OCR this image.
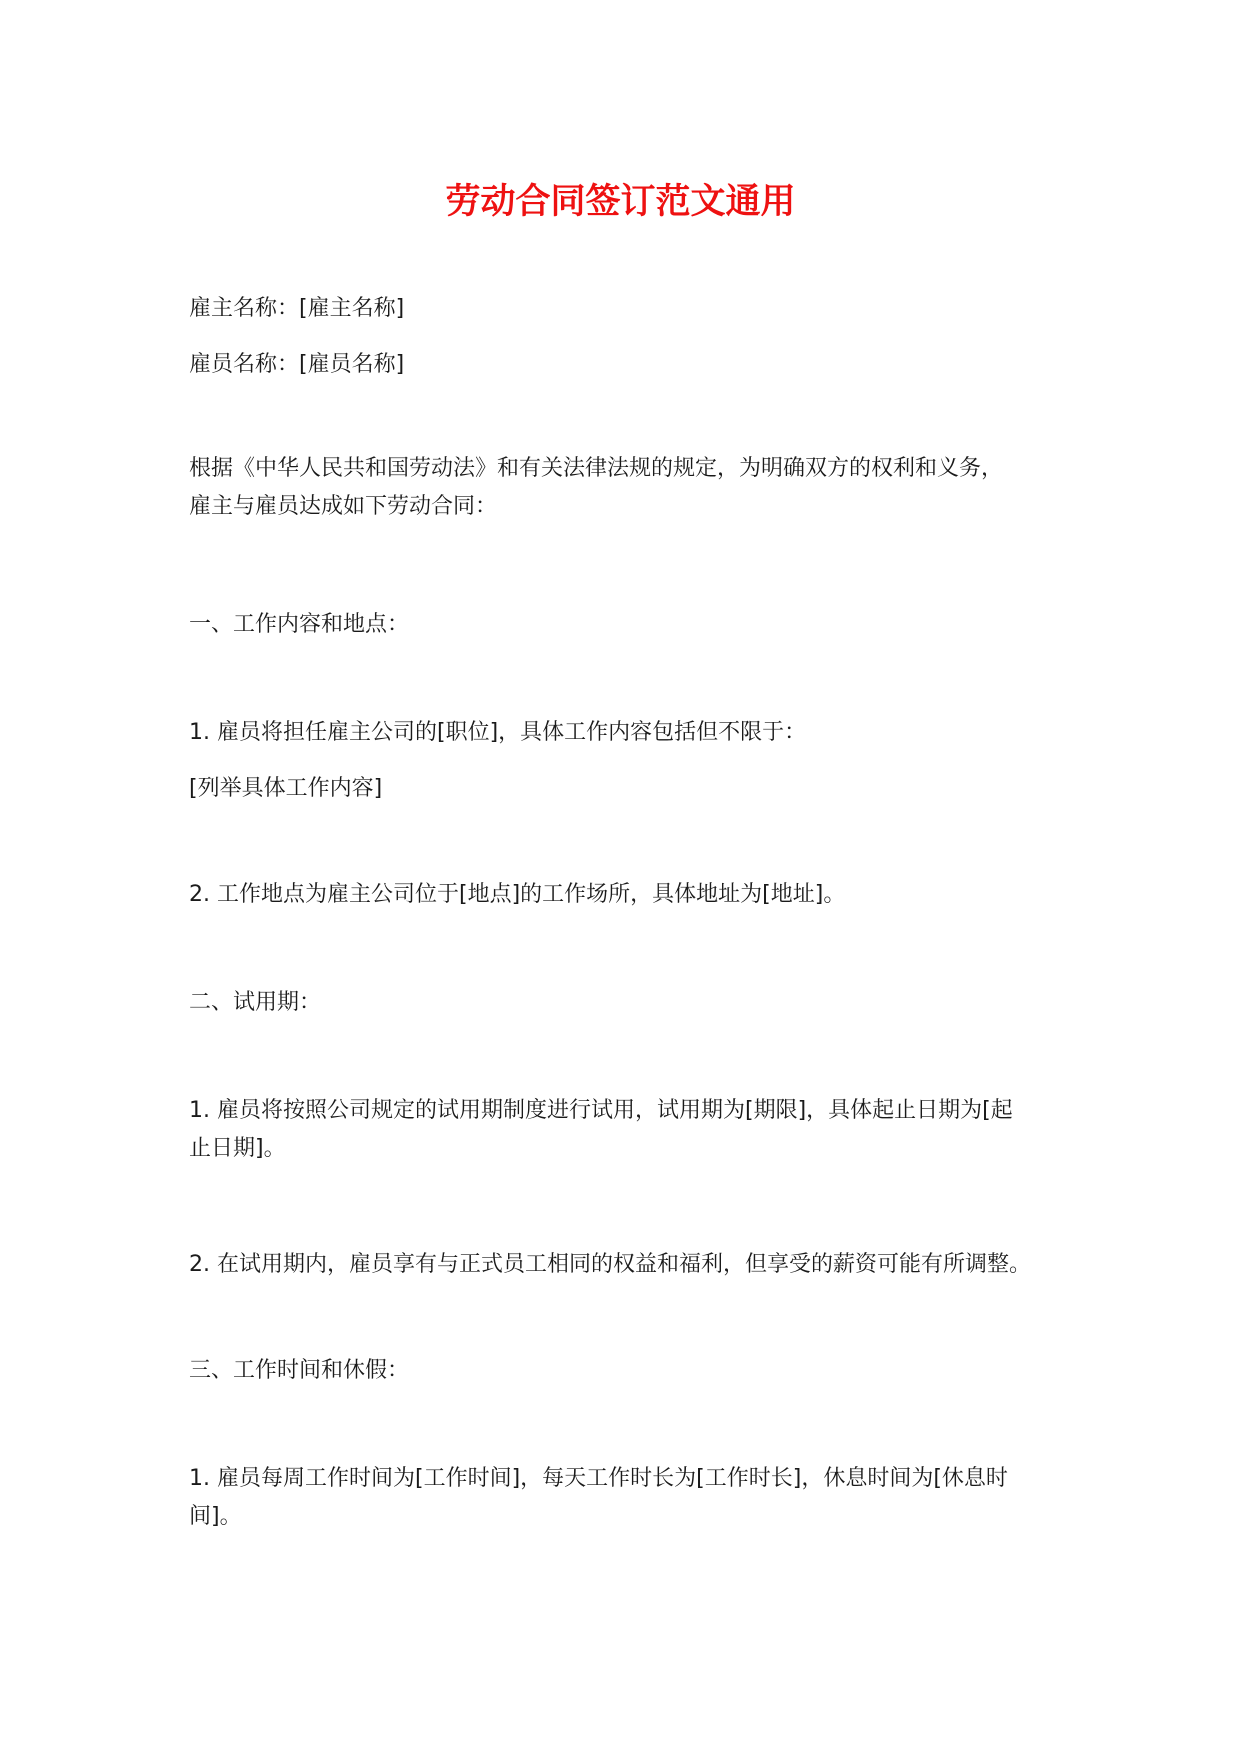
劳动合同签订范文通用

雇主名称：[雇主名称]

雇员名称：[雇员名称]

根据《中华人民共和国劳动法》和有关法律法规的规定，为明确双方的权利和义务，
雇主与雇员达成如下劳动合同：

一、工作内容和地点：

1. 雇员将担任雇主公司的[职位]，具体工作内容包括但不限于：

[列举具体工作内容]

2. 工作地点为雇主公司位于[地点]的工作场所，具体地址为[地址]。

二、试用期：

1. 雇员将按照公司规定的试用期制度进行试用，试用期为[期限]，具体起止日期为[起
止日期]。

2. 在试用期内，雇员享有与正式员工相同的权益和福利，但享受的薪资可能有所调整。

三、工作时间和休假：

1. 雇员每周工作时间为[工作时间]，每天工作时长为[工作时长]，休息时间为[休息时
间]。
